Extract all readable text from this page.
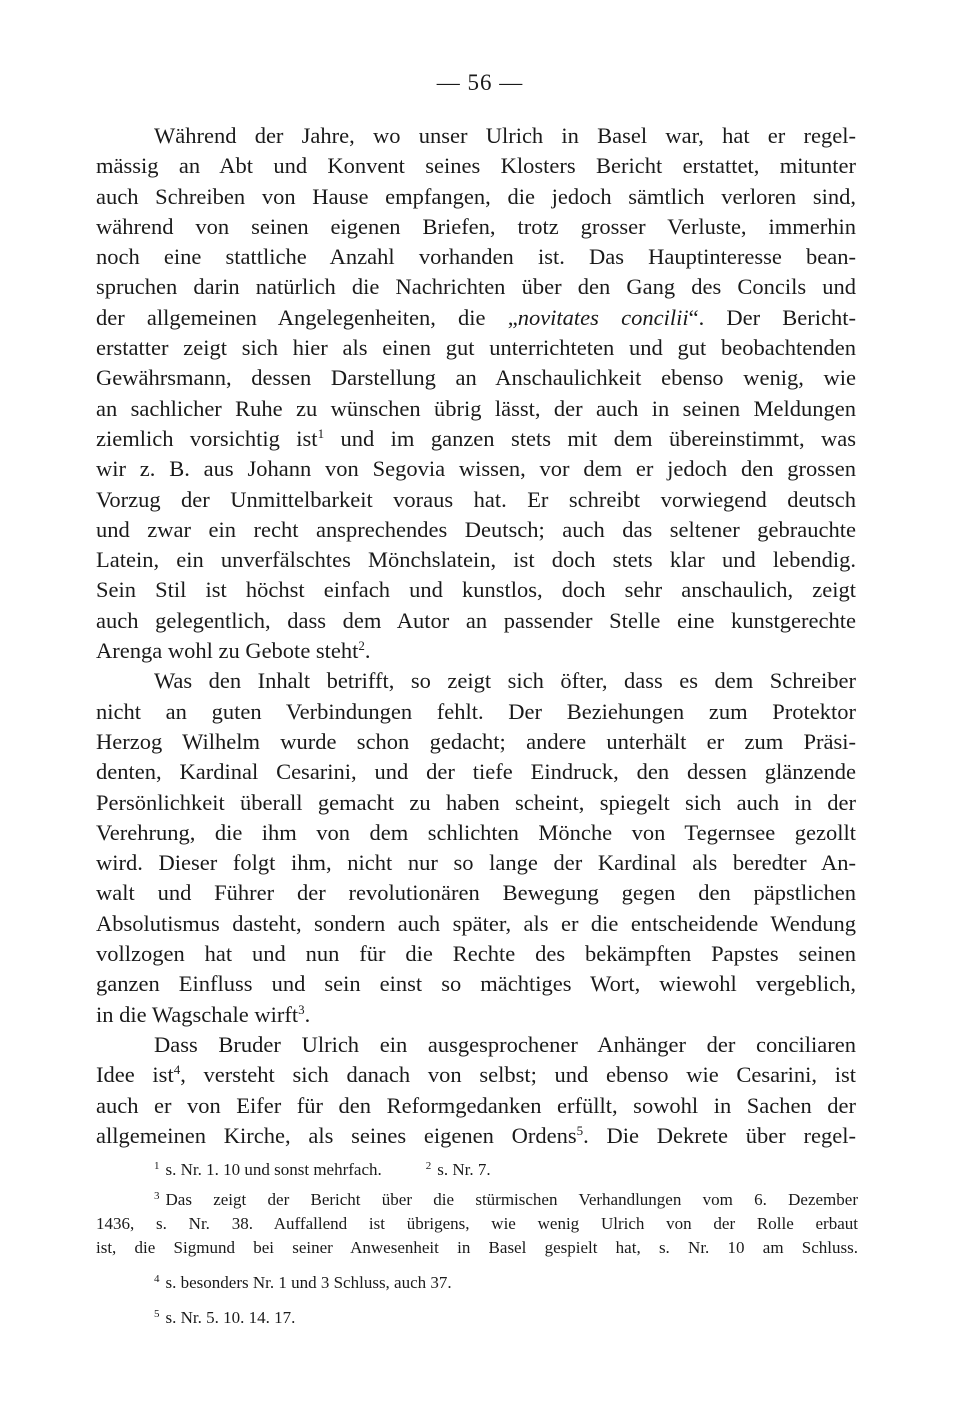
— 56 —
Während der Jahre, wo unser Ulrich in Basel war, hat er regel-
mässig an Abt und Konvent seines Klosters Bericht erstattet, mitunter
auch Schreiben von Hause empfangen, die jedoch sämtlich verloren sind,
während von seinen eigenen Briefen, trotz grosser Verluste, immerhin
noch eine stattliche Anzahl vorhanden ist. Das Hauptinteresse bean-
spruchen darin natürlich die Nachrichten über den Gang des Concils und
der allgemeinen Angelegenheiten, die „novitates concilii“. Der Bericht-
erstatter zeigt sich hier als einen gut unterrichteten und gut beobachtenden
Gewährsmann, dessen Darstellung an Anschaulichkeit ebenso wenig, wie
an sachlicher Ruhe zu wünschen übrig lässt, der auch in seinen Meldungen
ziemlich vorsichtig ist$^1$ und im ganzen stets mit dem übereinstimmt, was
wir z. B. aus Johann von Segovia wissen, vor dem er jedoch den grossen
Vorzug der Unmittelbarkeit voraus hat. Er schreibt vorwiegend deutsch
und zwar ein recht ansprechendes Deutsch; auch das seltener gebrauchte
Latein, ein unverfälschtes Mönchslatein, ist doch stets klar und lebendig.
Sein Stil ist höchst einfach und kunstlos, doch sehr anschaulich, zeigt
auch gelegentlich, dass dem Autor an passender Stelle eine kunstgerechte
Arenga wohl zu Gebote steht$^2$.
Was den Inhalt betrifft, so zeigt sich öfter, dass es dem Schreiber
nicht an guten Verbindungen fehlt. Der Beziehungen zum Protektor
Herzog Wilhelm wurde schon gedacht; andere unterhält er zum Präsi-
denten, Kardinal Cesarini, und der tiefe Eindruck, den dessen glänzende
Persönlichkeit überall gemacht zu haben scheint, spiegelt sich auch in der
Verehrung, die ihm von dem schlichten Mönche von Tegernsee gezollt
wird. Dieser folgt ihm, nicht nur so lange der Kardinal als beredter An-
walt und Führer der revolutionären Bewegung gegen den päpstlichen
Absolutismus dasteht, sondern auch später, als er die entscheidende Wendung
vollzogen hat und nun für die Rechte des bekämpften Papstes seinen
ganzen Einfluss und sein einst so mächtiges Wort, wiewohl vergeblich,
in die Wagschale wirft$^3$.
Dass Bruder Ulrich ein ausgesprochener Anhänger der conciliaren
Idee ist$^4$, versteht sich danach von selbst; und ebenso wie Cesarini, ist
auch er von Eifer für den Reformgedanken erfüllt, sowohl in Sachen der
allgemeinen Kirche, als seines eigenen Ordens$^5$. Die Dekrete über regel-
$^1$ s. Nr. 1. 10 und sonst mehrfach.	$^2$ s. Nr. 7.
$^3$ Das zeigt der Bericht über die stürmischen Verhandlungen vom 6. Dezember
1436, s. Nr. 38. Auffallend ist übrigens, wie wenig Ulrich von der Rolle erbaut
ist, die Sigmund bei seiner Anwesenheit in Basel gespielt hat, s. Nr. 10 am Schluss.
$^4$ s. besonders Nr. 1 und 3 Schluss, auch 37.
$^5$ s. Nr. 5. 10. 14. 17.
